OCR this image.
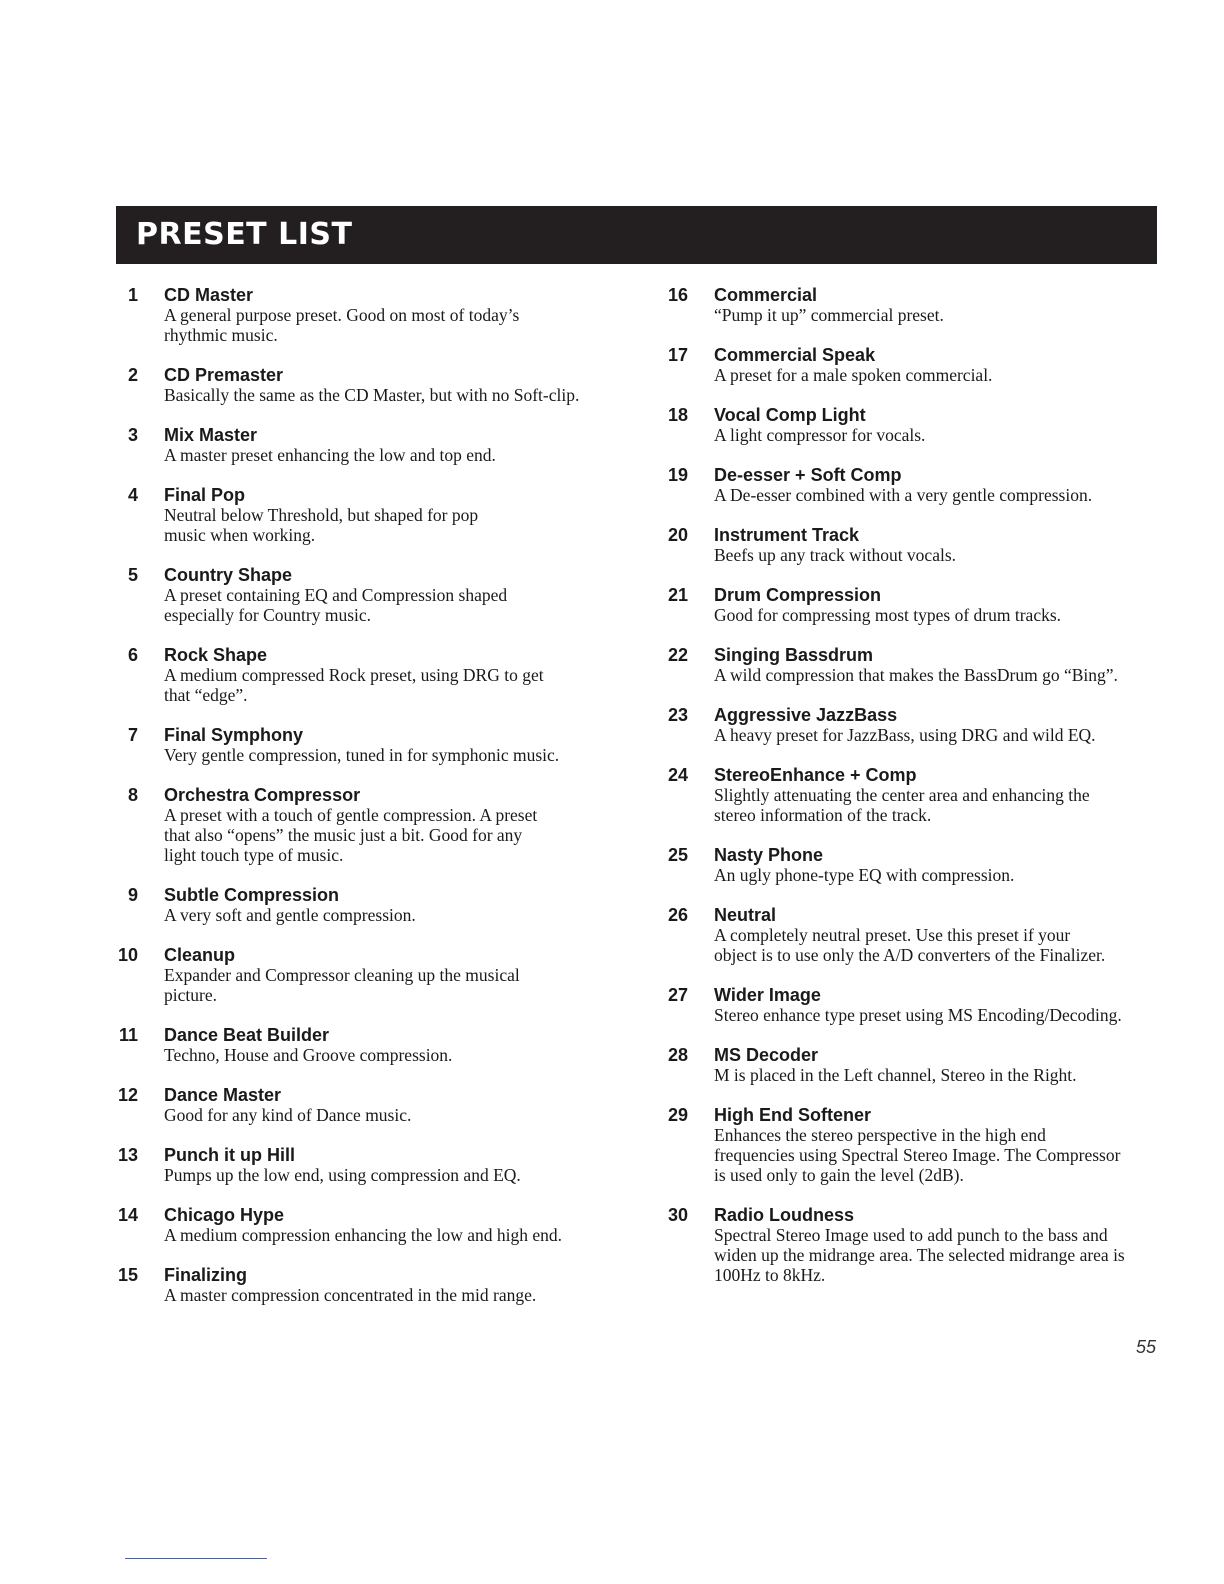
PRESET LIST
1 CD Master
A general purpose preset. Good on most of today’s
rhythmic music.
2 CD Premaster
Basically the same as the CD Master, but with no Soft-clip.
3 Mix Master
A master preset enhancing the low and top end.
4 Final Pop
Neutral below Threshold, but shaped for pop
music when working.
5 Country Shape
A preset containing EQ and Compression shaped
especially for Country music.
6 Rock Shape
A medium compressed Rock preset, using DRG to get
that “edge”.
7 Final Symphony
Very gentle compression, tuned in for symphonic music.
8 Orchestra Compressor
A preset with a touch of gentle compression. A preset
that also “opens” the music just a bit. Good for any
light touch type of music.
9 Subtle Compression
A very soft and gentle compression.
10 Cleanup
Expander and Compressor cleaning up the musical
picture.
11 Dance Beat Builder
Techno, House and Groove compression.
12 Dance Master
Good for any kind of Dance music.
13 Punch it up Hill
Pumps up the low end, using compression and EQ.
14 Chicago Hype
A medium compression enhancing the low and high end.
15 Finalizing
A master compression concentrated in the mid range.
16 Commercial
“Pump it up” commercial preset.
17 Commercial Speak
A preset for a male spoken commercial.
18 Vocal Comp Light
A light compressor for vocals.
19 De-esser + Soft Comp
A De-esser combined with a very gentle compression.
20 Instrument Track
Beefs up any track without vocals.
21 Drum Compression
Good for compressing most types of drum tracks.
22 Singing Bassdrum
A wild compression that makes the BassDrum go “Bing”.
23 Aggressive JazzBass
A heavy preset for JazzBass, using DRG and wild EQ.
24 StereoEnhance + Comp
Slightly attenuating the center area and enhancing the
stereo information of the track.
25 Nasty Phone
An ugly phone-type EQ with compression.
26 Neutral
A completely neutral preset. Use this preset if your
object is to use only the A/D converters of the Finalizer.
27 Wider Image
Stereo enhance type preset using MS Encoding/Decoding.
28 MS Decoder
M is placed in the Left channel, Stereo in the Right.
29 High End Softener
Enhances the stereo perspective in the high end
frequencies using Spectral Stereo Image. The Compressor
is used only to gain the level (2dB).
30 Radio Loudness
Spectral Stereo Image used to add punch to the bass and
widen up the midrange area. The selected midrange area is
100Hz to 8kHz.
55
